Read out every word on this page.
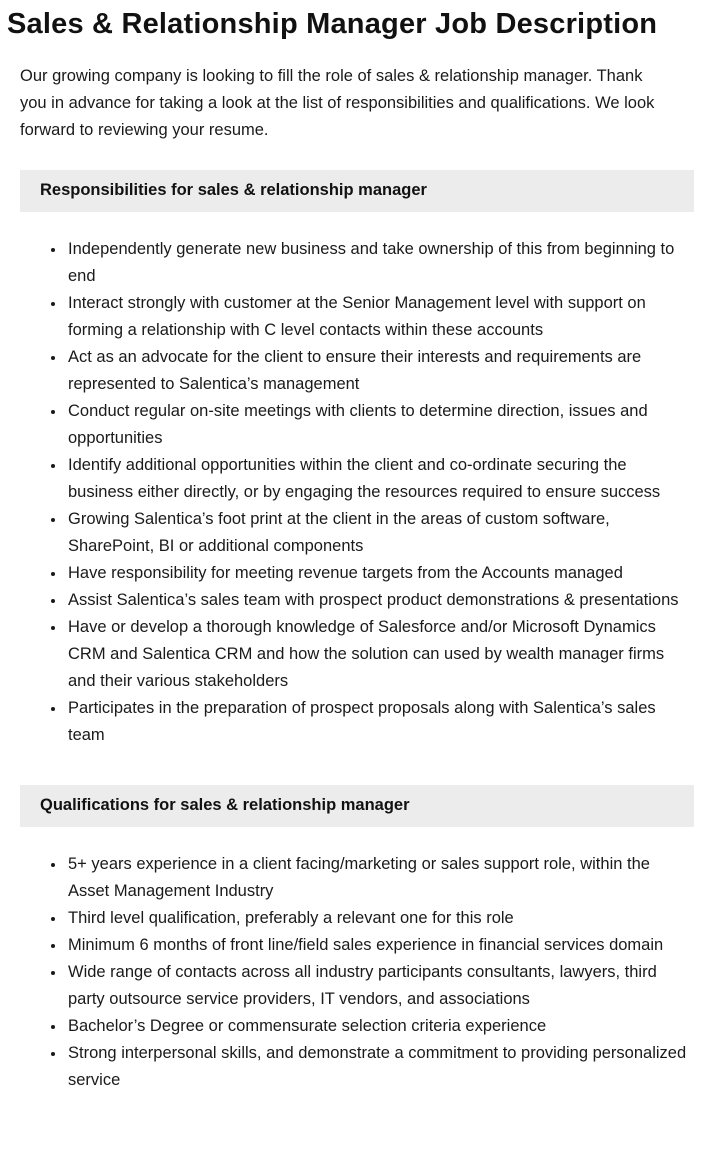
Sales & Relationship Manager Job Description

Our growing company is looking to fill the role of sales & relationship manager. Thank you in advance for taking a look at the list of responsibilities and qualifications. We look forward to reviewing your resume.

Responsibilities for sales & relationship manager
• Independently generate new business and take ownership of this from beginning to end
• Interact strongly with customer at the Senior Management level with support on forming a relationship with C level contacts within these accounts
• Act as an advocate for the client to ensure their interests and requirements are represented to Salentica’s management
• Conduct regular on-site meetings with clients to determine direction, issues and opportunities
• Identify additional opportunities within the client and co-ordinate securing the business either directly, or by engaging the resources required to ensure success
• Growing Salentica’s foot print at the client in the areas of custom software, SharePoint, BI or additional components
• Have responsibility for meeting revenue targets from the Accounts managed
• Assist Salentica’s sales team with prospect product demonstrations & presentations
• Have or develop a thorough knowledge of Salesforce and/or Microsoft Dynamics CRM and Salentica CRM and how the solution can used by wealth manager firms and their various stakeholders
• Participates in the preparation of prospect proposals along with Salentica’s sales team
Qualifications for sales & relationship manager
• 5+ years experience in a client facing/marketing or sales support role, within the Asset Management Industry
• Third level qualification, preferably a relevant one for this role
• Minimum 6 months of front line/field sales experience in financial services domain
• Wide range of contacts across all industry participants consultants, lawyers, third party outsource service providers, IT vendors, and associations
• Bachelor’s Degree or commensurate selection criteria experience
• Strong interpersonal skills, and demonstrate a commitment to providing personalized service
